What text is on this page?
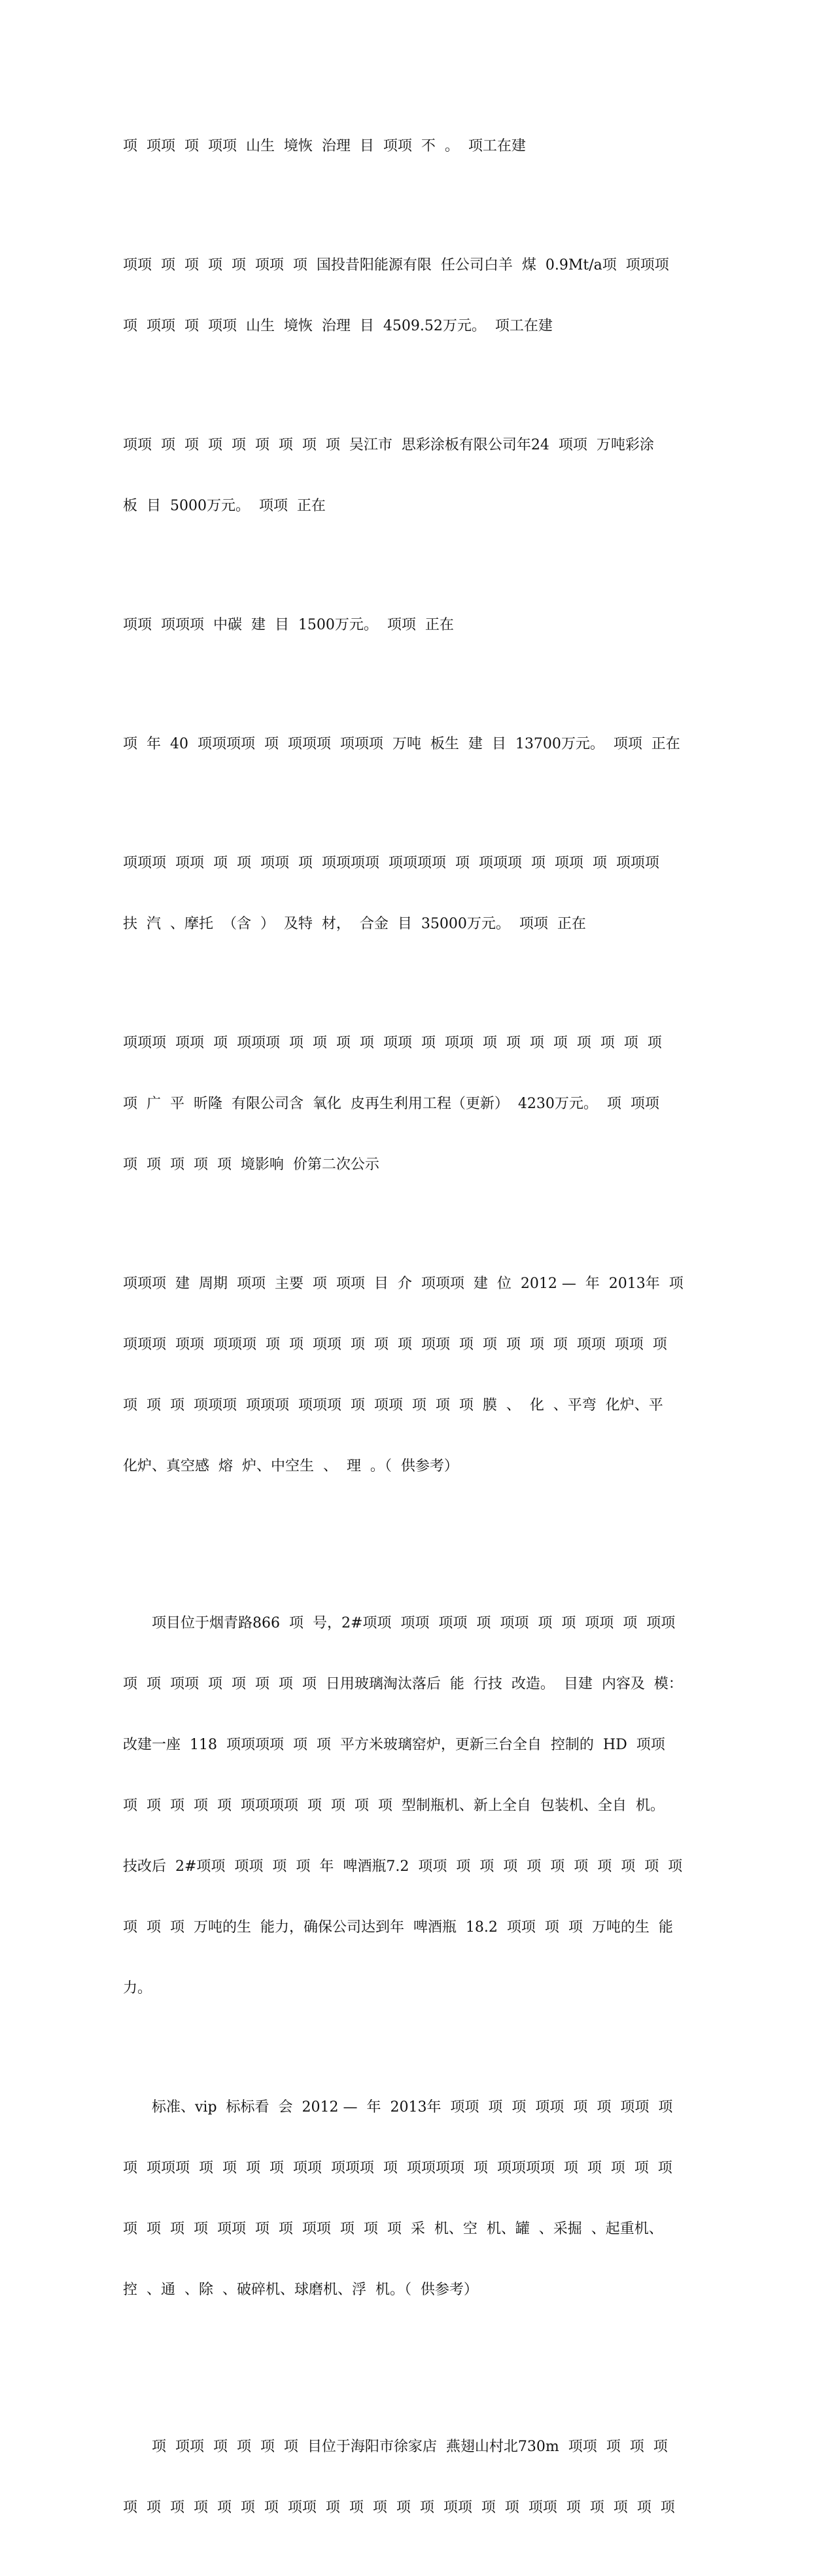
项  项项  项  项项  山生  境恢  治理  目  项项  不  。  项工在建

项项  项  项  项  项  项项  项  国投昔阳能源有限  任公司白羊  煤  0.9Mt/a项  项项项

项  项项  项  项项  山生  境恢  治理  目  4509.52万元。  项工在建

项项  项  项  项  项  项  项  项  项  吴江市  思彩涂板有限公司年24  项项  万吨彩涂

板  目  5000万元。  项项  正在

项项  项项项  中碳  建  目  1500万元。  项项  正在

项  年  40  项项项项  项  项项项  项项项  万吨  板生  建  目  13700万元。  项项  正在

项项项  项项  项  项  项项  项  项项项项  项项项项  项  项项项  项  项项  项  项项项

扶  汽  、摩托  （含  ）  及特  材，  合金  目  35000万元。  项项  正在

项项项  项项  项  项项项  项  项  项  项  项项  项  项项  项  项  项  项  项  项  项  项

项  广  平  昕隆  有限公司含  氧化  皮再生利用工程（更新）  4230万元。  项  项项

项  项  项  项  项  境影响  价第二次公示

项项项  建  周期  项项  主要  项  项项  目  介  项项项  建  位  2012 —  年  2013年  项

项项项  项项  项项项  项  项  项项  项  项  项  项项  项  项  项  项  项  项项  项项  项

项  项  项  项项项  项项项  项项项  项  项项  项  项  项  膜  、  化  、平弯  化炉、平

化炉、真空感  熔  炉、中空生  、  理  。（  供参考）

项目位于烟青路866  项  号，2#项项  项项  项项  项  项项  项  项  项项  项  项项

项  项  项项  项  项  项  项  项  日用玻璃淘汰落后  能  行技  改造。  目建  内容及  模：

改建一座  118  项项项项  项  项  平方米玻璃窑炉，更新三台全自  控制的  HD  项项

项  项  项  项  项  项项项项  项  项  项  项  型制瓶机、新上全自  包装机、全自  机。

技改后  2#项项  项项  项  项  年  啤酒瓶7.2  项项  项  项  项  项  项  项  项  项  项  项

项  项  项  万吨的生  能力，确保公司达到年  啤酒瓶  18.2  项项  项  项  万吨的生  能

力。

标准、vip  标标看  会  2012 —  年  2013年  项项  项  项  项项  项  项  项项  项

项  项项项  项  项  项  项  项项  项项项  项  项项项项  项  项项项项  项  项  项  项  项

项  项  项  项  项项  项  项  项项  项  项  项  采  机、空  机、罐  、采掘  、起重机、

控  、通  、除  、破碎机、球磨机、浮  机。（  供参考）

项  项项  项  项  项  项  目位于海阳市徐家店  燕翅山村北730m  项项  项  项  项

项  项  项  项  项  项  项  项项  项  项  项  项  项  项项  项  项  项项  项  项  项  项  项
